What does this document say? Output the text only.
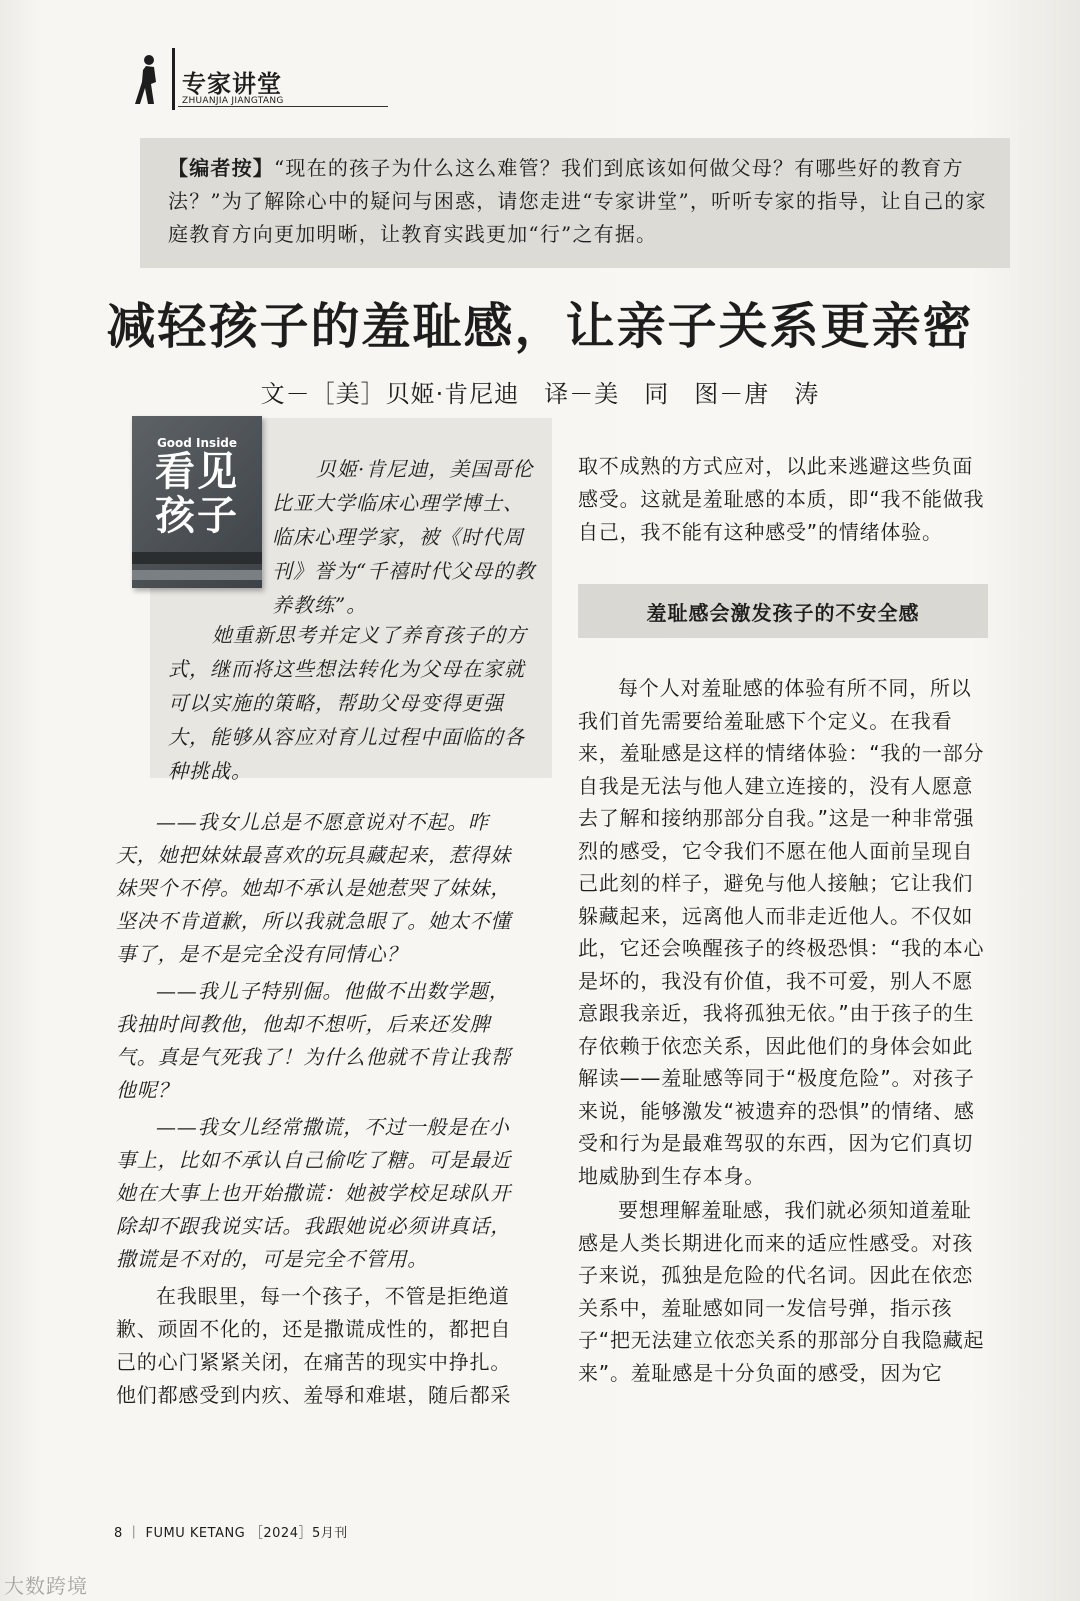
专家讲堂
ZHUANJIA JIANGTANG
【编者按】“现在的孩子为什么这么难管？我们到底该如何做父母？有哪些好的教育方法？”为了解除心中的疑问与困惑，请您走进“专家讲堂”，听听专家的指导，让自己的家庭教育方向更加明晰，让教育实践更加“行”之有据。
减轻孩子的羞耻感，让亲子关系更亲密
文－［美］贝姬·肯尼迪　译－美　同　图－唐　涛
Good Inside
看见孩子
贝姬·肯尼迪，美国哥伦比亚大学临床心理学博士、临床心理学家，被《时代周刊》誉为“千禧时代父母的教养教练”。
她重新思考并定义了养育孩子的方式，继而将这些想法转化为父母在家就可以实施的策略，帮助父母变得更强大，能够从容应对育儿过程中面临的各种挑战。

——我女儿总是不愿意说对不起。昨天，她把妹妹最喜欢的玩具藏起来，惹得妹妹哭个不停。她却不承认是她惹哭了妹妹，坚决不肯道歉，所以我就急眼了。她太不懂事了，是不是完全没有同情心？

——我儿子特别倔。他做不出数学题，我抽时间教他，他却不想听，后来还发脾气。真是气死我了！为什么他就不肯让我帮他呢？

——我女儿经常撒谎，不过一般是在小事上，比如不承认自己偷吃了糖。可是最近她在大事上也开始撒谎：她被学校足球队开除却不跟我说实话。我跟她说必须讲真话，撒谎是不对的，可是完全不管用。

在我眼里，每一个孩子，不管是拒绝道歉、顽固不化的，还是撒谎成性的，都把自己的心门紧紧关闭，在痛苦的现实中挣扎。他们都感受到内疚、羞辱和难堪，随后都采

取不成熟的方式应对，以此来逃避这些负面感受。这就是羞耻感的本质，即“我不能做我自己，我不能有这种感受”的情绪体验。

羞耻感会激发孩子的不安全感

每个人对羞耻感的体验有所不同，所以我们首先需要给羞耻感下个定义。在我看来，羞耻感是这样的情绪体验：“我的一部分自我是无法与他人建立连接的，没有人愿意去了解和接纳那部分自我。”这是一种非常强烈的感受，它令我们不愿在他人面前呈现自己此刻的样子，避免与他人接触；它让我们躲藏起来，远离他人而非走近他人。不仅如此，它还会唤醒孩子的终极恐惧：“我的本心是坏的，我没有价值，我不可爱，别人不愿意跟我亲近，我将孤独无依。”由于孩子的生存依赖于依恋关系，因此他们的身体会如此解读——羞耻感等同于“极度危险”。对孩子来说，能够激发“被遗弃的恐惧”的情绪、感受和行为是最难驾驭的东西，因为它们真切地威胁到生存本身。

要想理解羞耻感，我们就必须知道羞耻感是人类长期进化而来的适应性感受。对孩子来说，孤独是危险的代名词。因此在依恋关系中，羞耻感如同一发信号弹，指示孩子“把无法建立依恋关系的那部分自我隐藏起来”。羞耻感是十分负面的感受，因为它

8 ｜ FUMU KETANG ［2024］5月刊
大数跨境
